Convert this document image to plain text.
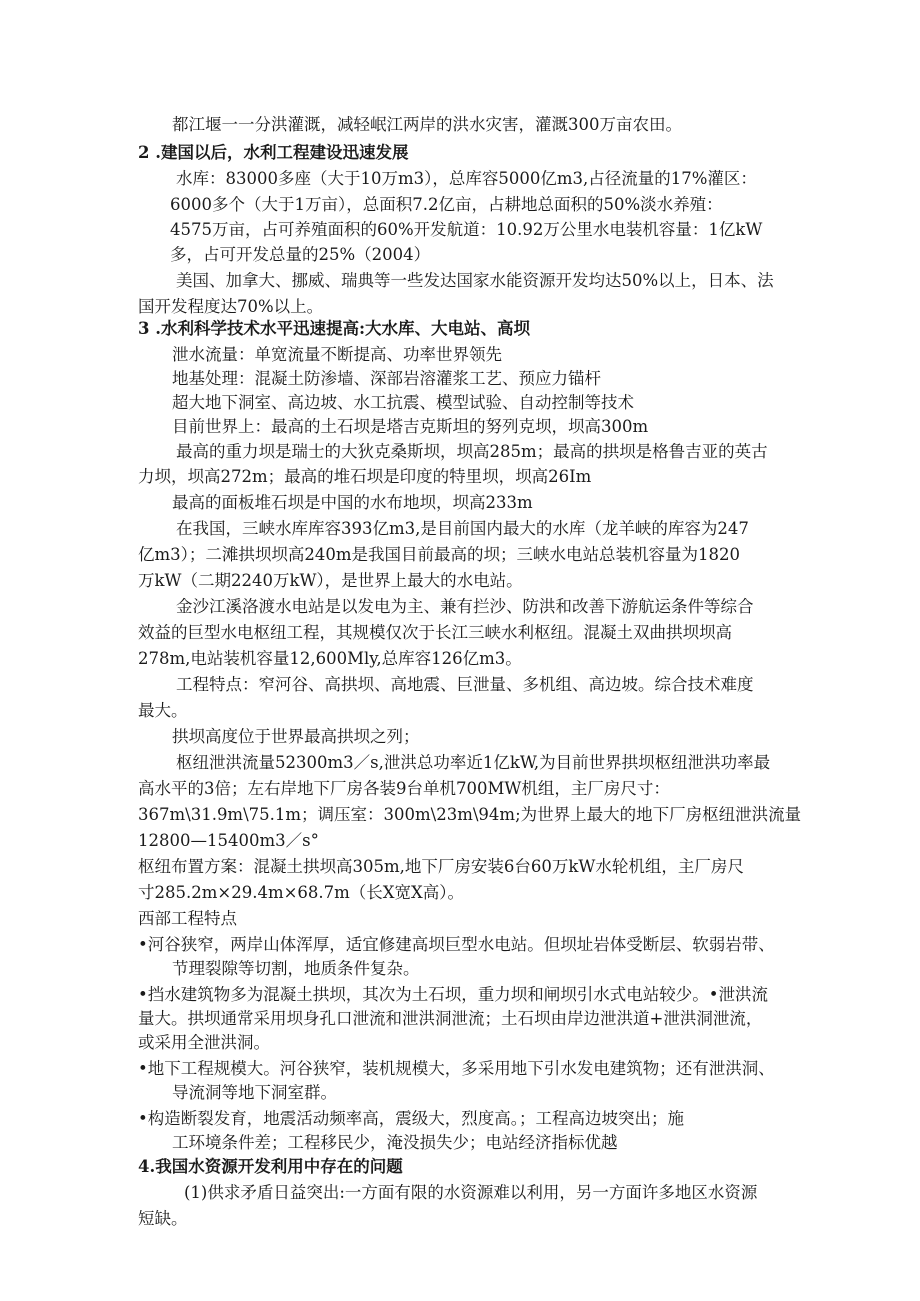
都江堰一一分洪灌溉，减轻岷江两岸的洪水灾害，灌溉300万亩农田。
2 .建国以后，水利工程建设迅速发展
水库：83000多座（大于10万m3），总库容5000亿m3,占径流量的17%灌区：
6000多个（大于1万亩），总面积7.2亿亩，占耕地总面积的50%淡水养殖：
4575万亩，占可养殖面积的60%开发航道：10.92万公里水电装机容量：1亿kW
多，占可开发总量的25%（2004）
美国、加拿大、挪威、瑞典等一些发达国家水能资源开发均达50%以上，日本、法
国开发程度达70%以上。
3 .水利科学技术水平迅速提高:大水库、大电站、高坝
泄水流量：单宽流量不断提高、功率世界领先
地基处理：混凝土防渗墙、深部岩溶灌浆工艺、预应力锚杆
超大地下洞室、高边坡、水工抗震、模型试验、自动控制等技术
目前世界上：最高的土石坝是塔吉克斯坦的努列克坝，坝高300m
最高的重力坝是瑞士的大狄克桑斯坝，坝高285m；最高的拱坝是格鲁吉亚的英古
力坝，坝高272m；最高的堆石坝是印度的特里坝，坝高26Im
最高的面板堆石坝是中国的水布地坝，坝高233m
在我国，三峡水库库容393亿m3,是目前国内最大的水库（龙羊峡的库容为247
亿m3）；二滩拱坝坝高240m是我国目前最高的坝；三峡水电站总装机容量为1820
万kW（二期2240万kW），是世界上最大的水电站。
金沙江溪洛渡水电站是以发电为主、兼有拦沙、防洪和改善下游航运条件等综合
效益的巨型水电枢纽工程，其规模仅次于长江三峡水利枢纽。混凝土双曲拱坝坝高
278m,电站装机容量12,600Mly,总库容126亿m3。
工程特点：窄河谷、高拱坝、高地震、巨泄量、多机组、高边坡。综合技术难度
最大。
拱坝高度位于世界最高拱坝之列；
枢纽泄洪流量52300m3／s,泄洪总功率近1亿kW,为目前世界拱坝枢纽泄洪功率最
高水平的3倍；左右岸地下厂房各装9台单机700MW机组，主厂房尺寸：
367m\31.9m\75.1m；调压室：300m\23m\94m;为世界上最大的地下厂房枢纽泄洪流量
12800—15400m3／s°
枢纽布置方案：混凝土拱坝高305m,地下厂房安装6台60万kW水轮机组，主厂房尺
寸285.2m×29.4m×68.7m（长X宽X高）。
西部工程特点
•河谷狭窄，两岸山体浑厚，适宜修建高坝巨型水电站。但坝址岩体受断层、软弱岩带、
节理裂隙等切割，地质条件复杂。
•挡水建筑物多为混凝土拱坝，其次为土石坝，重力坝和闸坝引水式电站较少。•泄洪流
量大。拱坝通常采用坝身孔口泄流和泄洪洞泄流；土石坝由岸边泄洪道+泄洪洞泄流，
或采用全泄洪洞。
•地下工程规模大。河谷狭窄，装机规模大，多采用地下引水发电建筑物；还有泄洪洞、
导流洞等地下洞室群。
•构造断裂发育，地震活动频率高，震级大，烈度高。；工程高边坡突出；施
工环境条件差；工程移民少，淹没损失少；电站经济指标优越
4.我国水资源开发利用中存在的问题
(1)供求矛盾日益突出:一方面有限的水资源难以利用，另一方面许多地区水资源
短缺。
